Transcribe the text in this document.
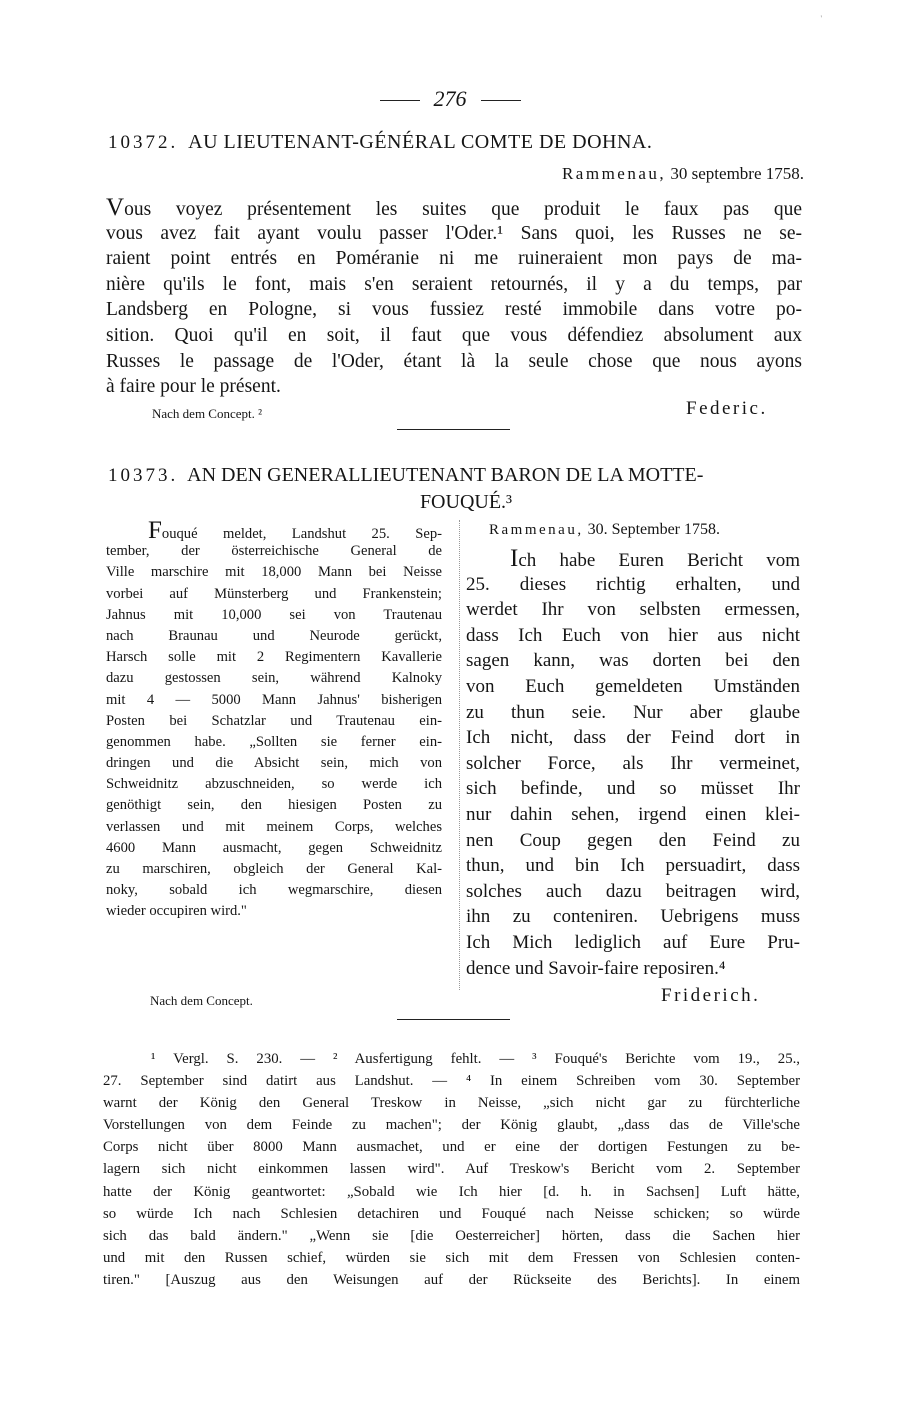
'
276
10372. AU LIEUTENANT-GÉNÉRAL COMTE DE DOHNA.
Rammenau, 30 septembre 1758.
Vous voyez présentement les suites que produit le faux pas que
vous avez fait ayant voulu passer l'Oder.¹ Sans quoi, les Russes ne se-
raient point entrés en Poméranie ni me ruineraient mon pays de ma-
nière qu'ils le font, mais s'en seraient retournés, il y a du temps, par
Landsberg en Pologne, si vous fussiez resté immobile dans votre po-
sition. Quoi qu'il en soit, il faut que vous défendiez absolument aux
Russes le passage de l'Oder, étant là la seule chose que nous ayons
à faire pour le présent.
Nach dem Concept. ²	Federic.
10373. AN DEN GENERALLIEUTENANT BARON DE LA MOTTE-
FOUQUÉ.³
Fouqué meldet, Landshut 25. Sep-
tember, der österreichische General de
Ville marschire mit 18,000 Mann bei Neisse
vorbei auf Münsterberg und Frankenstein;
Jahnus mit 10,000 sei von Trautenau
nach Braunau und Neurode gerückt,
Harsch solle mit 2 Regimentern Kavallerie
dazu gestossen sein, während Kalnoky
mit 4 — 5000 Mann Jahnus' bisherigen
Posten bei Schatzlar und Trautenau ein-
genommen habe. „Sollten sie ferner ein-
dringen und die Absicht sein, mich von
Schweidnitz abzuschneiden, so werde ich
genöthigt sein, den hiesigen Posten zu
verlassen und mit meinem Corps, welches
4600 Mann ausmacht, gegen Schweidnitz
zu marschiren, obgleich der General Kal-
noky, sobald ich wegmarschire, diesen
wieder occupiren wird."
Rammenau, 30. September 1758.
Ich habe Euren Bericht vom
25. dieses richtig erhalten, und
werdet Ihr von selbsten ermessen,
dass Ich Euch von hier aus nicht
sagen kann, was dorten bei den
von Euch gemeldeten Umständen
zu thun seie. Nur aber glaube
Ich nicht, dass der Feind dort in
solcher Force, als Ihr vermeinet,
sich befinde, und so müsset Ihr
nur dahin sehen, irgend einen klei-
nen Coup gegen den Feind zu
thun, und bin Ich persuadirt, dass
solches auch dazu beitragen wird,
ihn zu conteniren. Uebrigens muss
Ich Mich lediglich auf Eure Pru-
dence und Savoir-faire reposiren.⁴
Nach dem Concept.	Friderich.
¹ Vergl. S. 230. — ² Ausfertigung fehlt. — ³ Fouqué's Berichte vom 19., 25.,
27. September sind datirt aus Landshut. — ⁴ In einem Schreiben vom 30. September
warnt der König den General Treskow in Neisse, „sich nicht gar zu fürchterliche
Vorstellungen von dem Feinde zu machen"; der König glaubt, „dass das de Ville'sche
Corps nicht über 8000 Mann ausmachet, und er eine der dortigen Festungen zu be-
lagern sich nicht einkommen lassen wird". Auf Treskow's Bericht vom 2. September
hatte der König geantwortet: „Sobald wie Ich hier [d. h. in Sachsen] Luft hätte,
so würde Ich nach Schlesien detachiren und Fouqué nach Neisse schicken; so würde
sich das bald ändern." „Wenn sie [die Oesterreicher] hörten, dass die Sachen hier
und mit den Russen schief, würden sie sich mit dem Fressen von Schlesien conten-
tiren." [Auszug aus den Weisungen auf der Rückseite des Berichts]. In einem
